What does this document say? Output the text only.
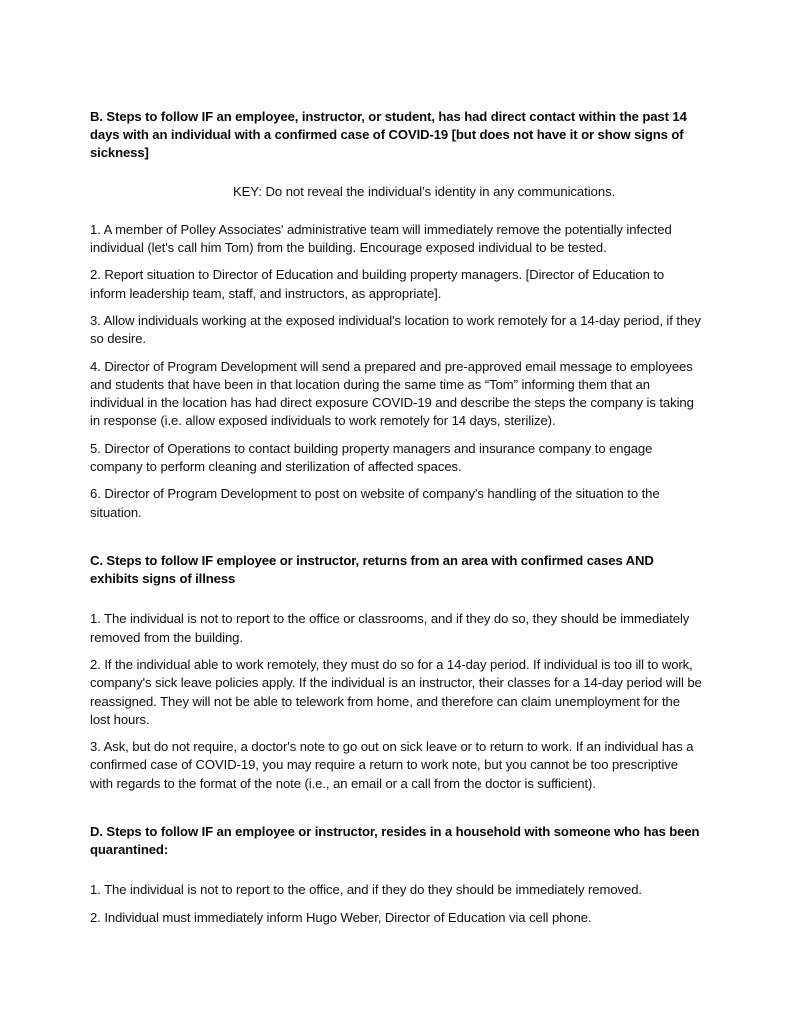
B. Steps to follow IF an employee, instructor, or student, has had direct contact within the past 14 days with an individual with a confirmed case of COVID-19 [but does not have it or show signs of sickness]

KEY: Do not reveal the individual’s identity in any communications.

1. A member of Polley Associates' administrative team will immediately remove the potentially infected individual (let's call him Tom) from the building. Encourage exposed individual to be tested.

2. Report situation to Director of Education and building property managers. [Director of Education to inform leadership team, staff, and instructors, as appropriate].

3. Allow individuals working at the exposed individual's location to work remotely for a 14-day period, if they so desire.

4. Director of Program Development will send a prepared and pre-approved email message to employees and students that have been in that location during the same time as “Tom” informing them that an individual in the location has had direct exposure COVID-19 and describe the steps the company is taking in response (i.e. allow exposed individuals to work remotely for 14 days, sterilize).

5. Director of Operations to contact building property managers and insurance company to engage company to perform cleaning and sterilization of affected spaces.

6. Director of Program Development to post on website of company's handling of the situation to the situation.

C. Steps to follow IF employee or instructor, returns from an area with confirmed cases AND exhibits signs of illness

1. The individual is not to report to the office or classrooms, and if they do so, they should be immediately removed from the building.

2. If the individual able to work remotely, they must do so for a 14-day period. If individual is too ill to work, company's sick leave policies apply. If the individual is an instructor, their classes for a 14-day period will be reassigned. They will not be able to telework from home, and therefore can claim unemployment for the lost hours.

3. Ask, but do not require, a doctor's note to go out on sick leave or to return to work. If an individual has a confirmed case of COVID-19, you may require a return to work note, but you cannot be too prescriptive with regards to the format of the note (i.e., an email or a call from the doctor is sufficient).

D. Steps to follow IF an employee or instructor, resides in a household with someone who has been quarantined:

1. The individual is not to report to the office, and if they do they should be immediately removed.

2. Individual must immediately inform Hugo Weber, Director of Education via cell phone.
